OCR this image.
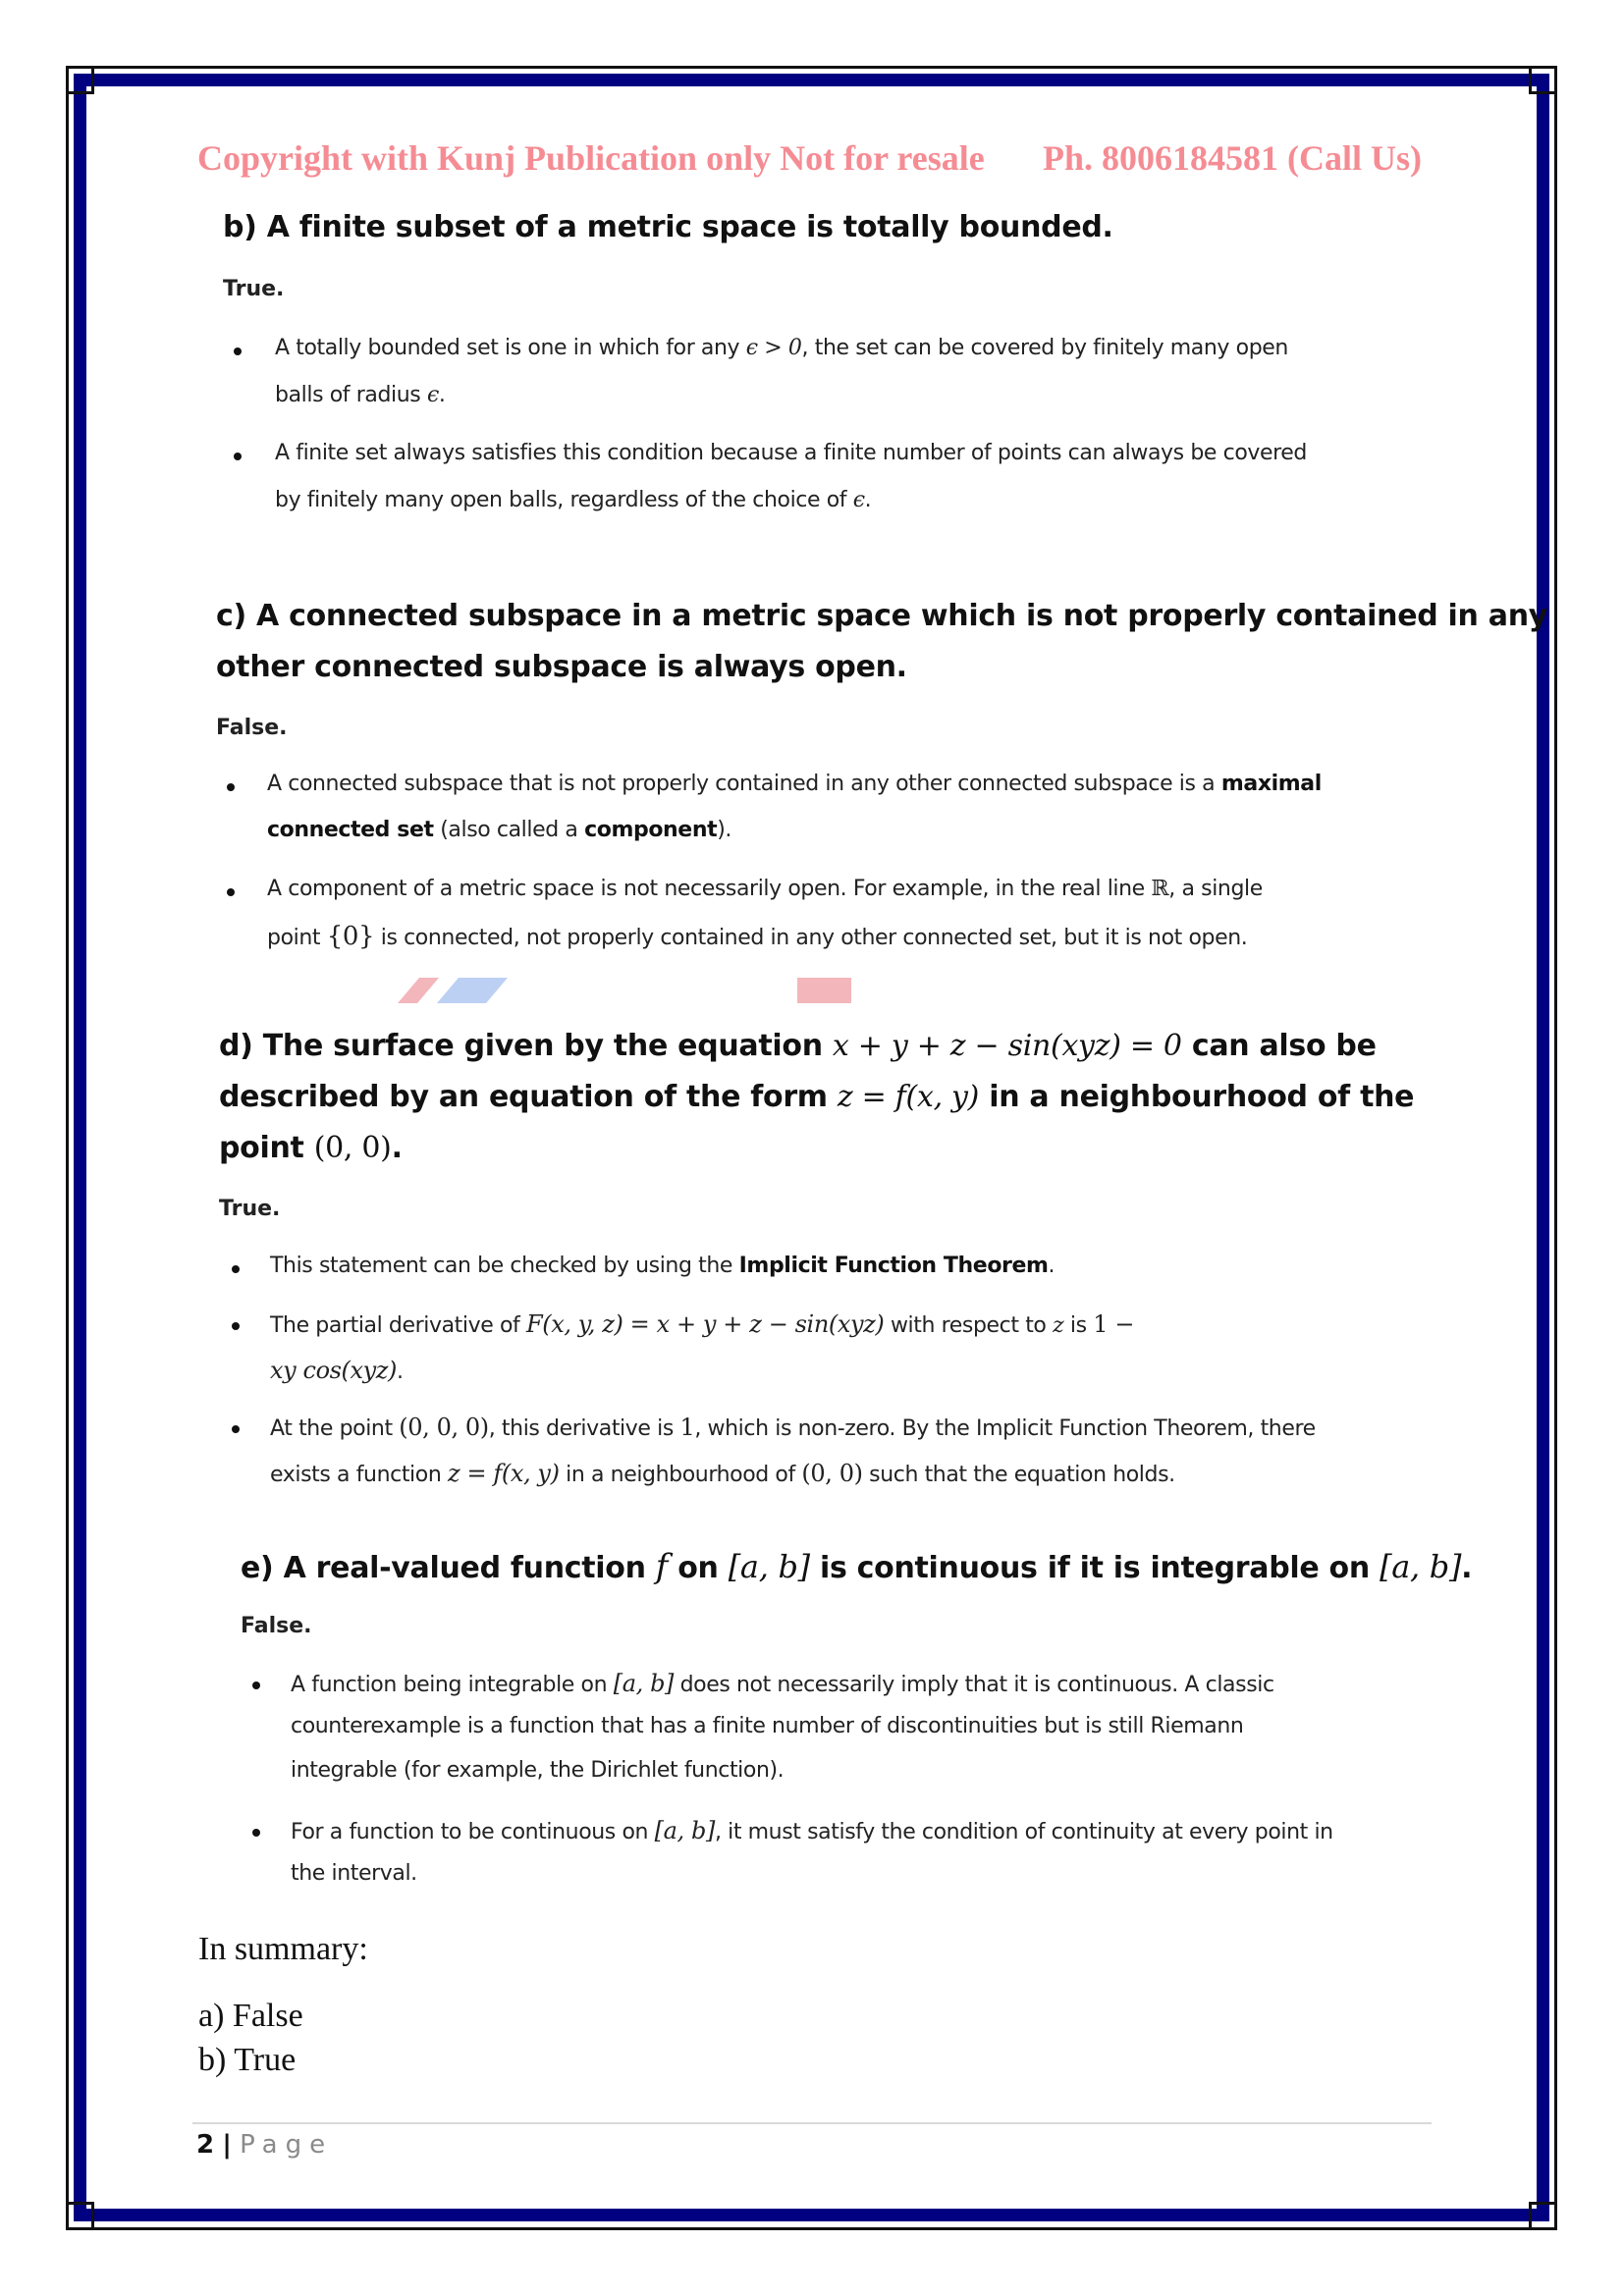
Copyright with Kunj Publication only Not for resale Ph. 8006184581 (Call Us)
b) A finite subset of a metric space is totally bounded.
True.
A totally bounded set is one in which for any ϵ > 0, the set can be covered by finitely many open
balls of radius ϵ.
A finite set always satisfies this condition because a finite number of points can always be covered
by finitely many open balls, regardless of the choice of ϵ.
c) A connected subspace in a metric space which is not properly contained in any
other connected subspace is always open.
False.
A connected subspace that is not properly contained in any other connected subspace is a maximal
connected set (also called a component).
A component of a metric space is not necessarily open. For example, in the real line ℝ, a single
point {0} is connected, not properly contained in any other connected set, but it is not open.
d) The surface given by the equation x + y + z − sin(xyz) = 0 can also be
described by an equation of the form z = f(x, y) in a neighbourhood of the
point (0, 0).
True.
This statement can be checked by using the Implicit Function Theorem.
The partial derivative of F(x, y, z) = x + y + z − sin(xyz) with respect to z is 1 −
xy cos(xyz).
At the point (0, 0, 0), this derivative is 1, which is non-zero. By the Implicit Function Theorem, there
exists a function z = f(x, y) in a neighbourhood of (0, 0) such that the equation holds.
e) A real-valued function f on [a, b] is continuous if it is integrable on [a, b].
False.
A function being integrable on [a, b] does not necessarily imply that it is continuous. A classic
counterexample is a function that has a finite number of discontinuities but is still Riemann
integrable (for example, the Dirichlet function).
For a function to be continuous on [a, b], it must satisfy the condition of continuity at every point in
the interval.
In summary:
a) False
b) True
2 | Page
